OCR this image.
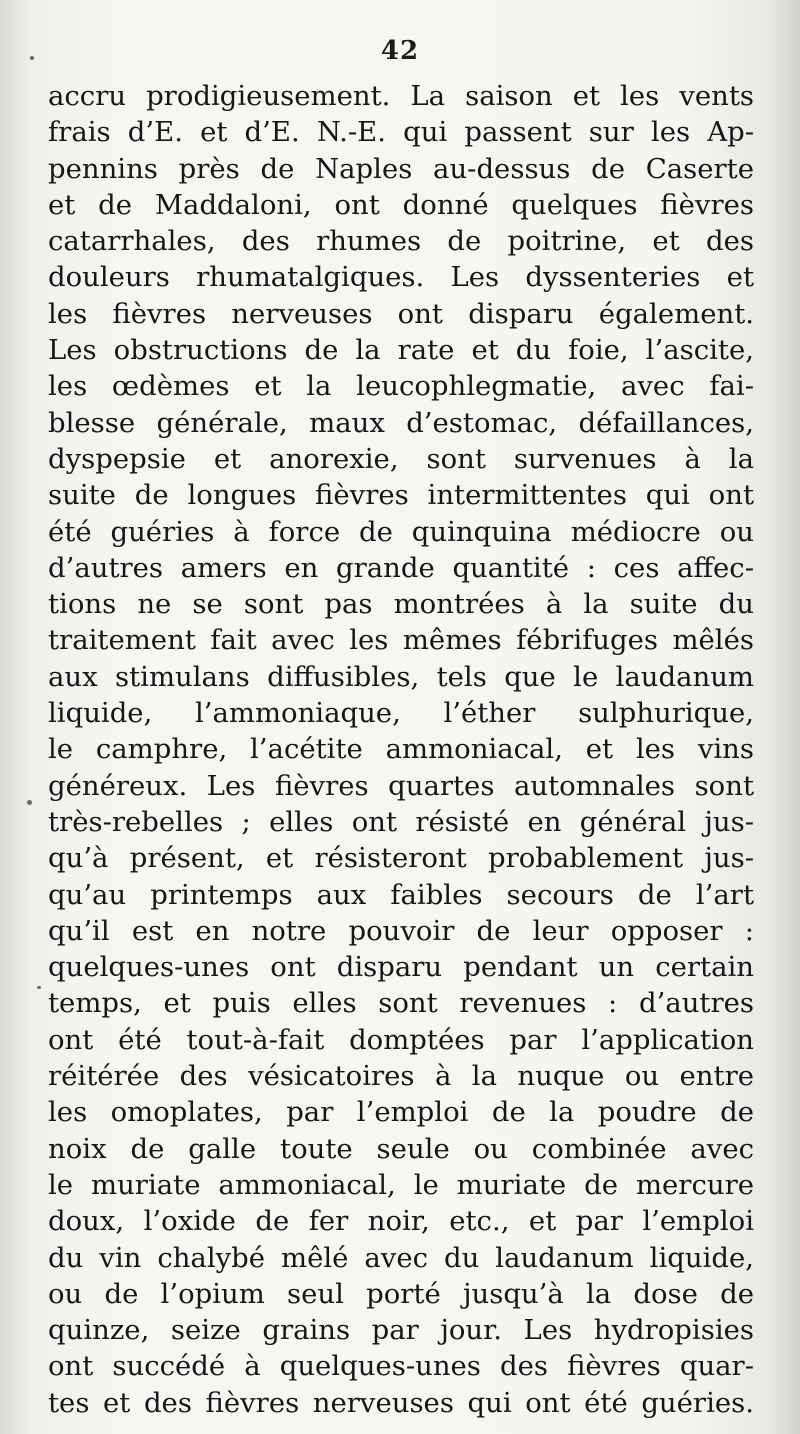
42
accru prodigieusement. La saison et les vents
frais d’E. et d’E. N.-E. qui passent sur les Ap-
pennins près de Naples au-dessus de Caserte
et de Maddaloni, ont donné quelques fièvres
catarrhales, des rhumes de poitrine, et des
douleurs rhumatalgiques. Les dyssenteries et
les fièvres nerveuses ont disparu également.
Les obstructions de la rate et du foie, l’ascite,
les œdèmes et la leucophlegmatie, avec fai-
blesse générale, maux d’estomac, défaillances,
dyspepsie et anorexie, sont survenues à la
suite de longues fièvres intermittentes qui ont
été guéries à force de quinquina médiocre ou
d’autres amers en grande quantité : ces affec-
tions ne se sont pas montrées à la suite du
traitement fait avec les mêmes fébrifuges mêlés
aux stimulans diffusibles, tels que le laudanum
liquide, l’ammoniaque, l’éther sulphurique,
le camphre, l’acétite ammoniacal, et les vins
généreux. Les fièvres quartes automnales sont
très-rebelles ; elles ont résisté en général jus-
qu’à présent, et résisteront probablement jus-
qu’au printemps aux faibles secours de l’art
qu’il est en notre pouvoir de leur opposer :
quelques-unes ont disparu pendant un certain
temps, et puis elles sont revenues : d’autres
ont été tout-à-fait domptées par l’application
réitérée des vésicatoires à la nuque ou entre
les omoplates, par l’emploi de la poudre de
noix de galle toute seule ou combinée avec
le muriate ammoniacal, le muriate de mercure
doux, l’oxide de fer noir, etc., et par l’emploi
du vin chalybé mêlé avec du laudanum liquide,
ou de l’opium seul porté jusqu’à la dose de
quinze, seize grains par jour. Les hydropisies
ont succédé à quelques-unes des fièvres quar-
tes et des fièvres nerveuses qui ont été guéries.
